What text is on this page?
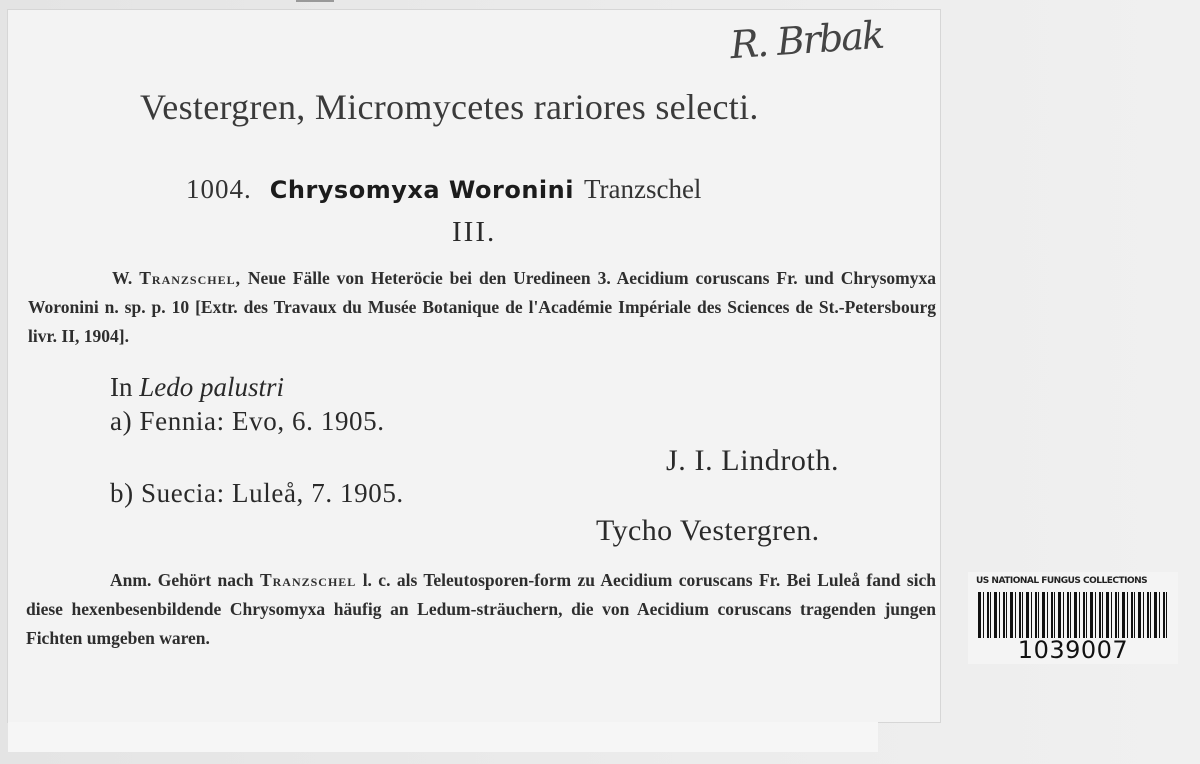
R. Brbak
Vestergren, Micromycetes rariores selecti.
1004. Chrysomyxa Woronini Tranzschel
III.
W. Tranzschel, Neue Fälle von Heteröcie bei den Uredineen 3. Aecidium coruscans Fr. und Chrysomyxa Woronini n. sp. p. 10 [Extr. des Travaux du Musée Botanique de l'Académie Impériale des Sciences de St.-Petersbourg livr. II, 1904].
In Ledo palustri
a) Fennia: Evo, 6. 1905.
J. I. Lindroth.
b) Suecia: Luleå, 7. 1905.
Tycho Vestergren.
Anm. Gehört nach Tranzschel l. c. als Teleutosporen-form zu Aecidium coruscans Fr. Bei Luleå fand sich diese hexenbesenbildende Chrysomyxa häufig an Ledum-sträuchern, die von Aecidium coruscans tragenden jungen Fichten umgeben waren.
US NATIONAL FUNGUS COLLECTIONS
1039007
